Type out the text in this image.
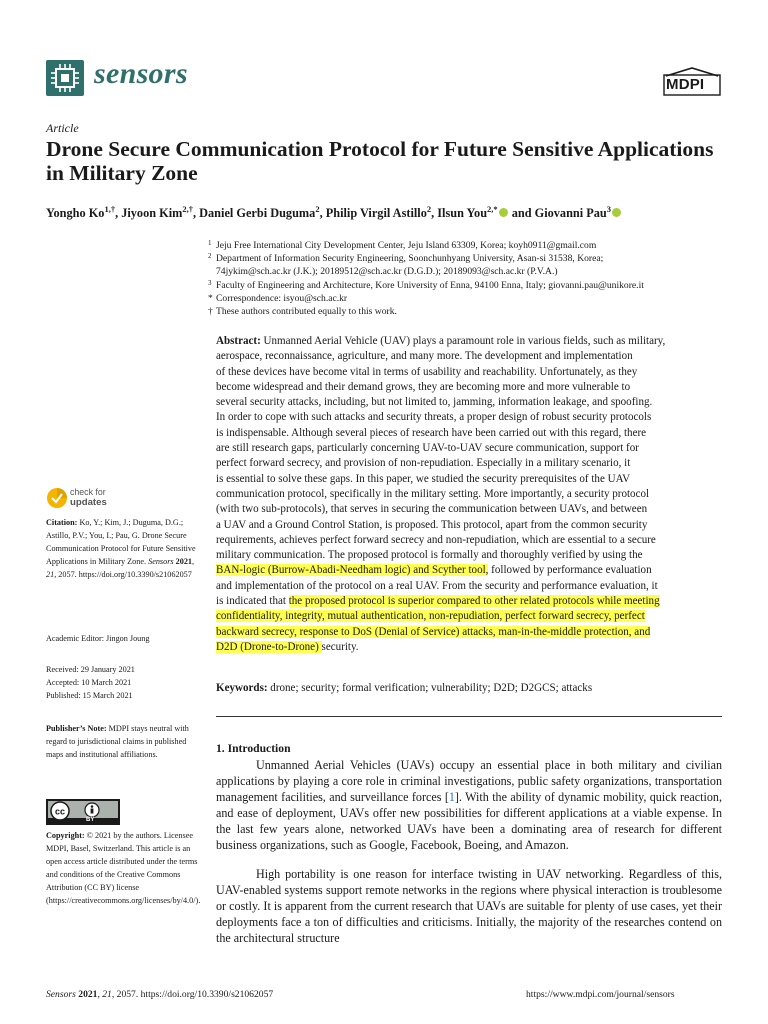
sensors	MDPI
Article
Drone Secure Communication Protocol for Future Sensitive Applications in Military Zone
Yongho $Ko^{1,\dagger}$, Jiyoon Kim$^{2,\dagger}$, Daniel Gerbi Duguma$^2$, Philip Virgil Astillo$^2$, Ilsun You$^{2,*}$ and Giovanni Pau$^3$
1 Jeju Free International City Development Center, Jeju Island 63309, Korea; koyh0911@gmail.com
2 Department of Information Security Engineering, Soonchunhyang University, Asan-si 31538, Korea;
74jykim@sch.ac.kr (J.K.); 20189512@sch.ac.kr (D.G.D.); 20189093@sch.ac.kr (P.V.A.)
3 Faculty of Engineering and Architecture, Kore University of Enna, 94100 Enna, Italy; giovanni.pau@unikore.it
* Correspondence: isyou@sch.ac.kr
† These authors contributed equally to this work.
Abstract: Unmanned Aerial Vehicle (UAV) plays a paramount role in various fields, such as military,
aerospace, reconnaissance, agriculture, and many more. The development and implementation
of these devices have become vital in terms of usability and reachability. Unfortunately, as they
become widespread and their demand grows, they are becoming more and more vulnerable to
several security attacks, including, but not limited to, jamming, information leakage, and spoofing.
In order to cope with such attacks and security threats, a proper design of robust security protocols
is indispensable. Although several pieces of research have been carried out with this regard, there
are still research gaps, particularly concerning UAV-to-UAV secure communication, support for
perfect forward secrecy, and provision of non-repudiation. Especially in a military scenario, it
is essential to solve these gaps. In this paper, we studied the security prerequisites of the UAV
communication protocol, specifically in the military setting. More importantly, a security protocol
(with two sub-protocols), that serves in securing the communication between UAVs, and between
a UAV and a Ground Control Station, is proposed. This protocol, apart from the common security
requirements, achieves perfect forward secrecy and non-repudiation, which are essential to a secure
military communication. The proposed protocol is formally and thoroughly verified by using the
BAN-logic (Burrow-Abadi-Needham logic) and Scyther tool, followed by performance evaluation
and implementation of the protocol on a real UAV. From the security and performance evaluation, it
is indicated that the proposed protocol is superior compared to other related protocols while meeting
confidentiality, integrity, mutual authentication, non-repudiation, perfect forward secrecy, perfect
backward secrecy, response to DoS (Denial of Service) attacks, man-in-the-middle protection, and
D2D (Drone-to-Drone) security.
Keywords: drone; security; formal verification; vulnerability; D2D; D2GCS; attacks
1. Introduction
Unmanned Aerial Vehicles (UAVs) occupy an essential place in both military and civilian applications by playing a core role in criminal investigations, public safety organizations, transportation management facilities, and surveillance forces [1]. With the ability of dynamic mobility, quick reaction, and ease of deployment, UAVs offer new possibilities for different applications at a viable expense. In the last few years alone, networked UAVs have been a dominating area of research for different business organizations, such as Google, Facebook, Boeing, and Amazon.
High portability is one reason for interface twisting in UAV networking. Regardless of this, UAV-enabled systems support remote networks in the regions where physical interaction is troublesome or costly. It is apparent from the current research that UAVs are suitable for plenty of use cases, yet their deployments face a ton of difficulties and criticisms. Initially, the majority of the researches contend on the architectural structure
check for
updates
Citation: Ko, Y.; Kim, J.; Duguma, D.G.; Astillo, P.V.; You, I.; Pau, G. Drone Secure Communication Protocol for Future Sensitive Applications in Military Zone. Sensors 2021, 21, 2057. https://doi.org/10.3390/s21062057
Academic Editor: Jingon Joung
Received: 29 January 2021
Accepted: 10 March 2021
Published: 15 March 2021
Publisher’s Note: MDPI stays neutral with regard to jurisdictional claims in published maps and institutional affiliations.
cc
BY
Copyright: © 2021 by the authors. Licensee MDPI, Basel, Switzerland. This article is an open access article distributed under the terms and conditions of the Creative Commons Attribution (CC BY) license (https://creativecommons.org/licenses/by/4.0/).
Sensors 2021, 21, 2057. https://doi.org/10.3390/s21062057	https://www.mdpi.com/journal/sensors
